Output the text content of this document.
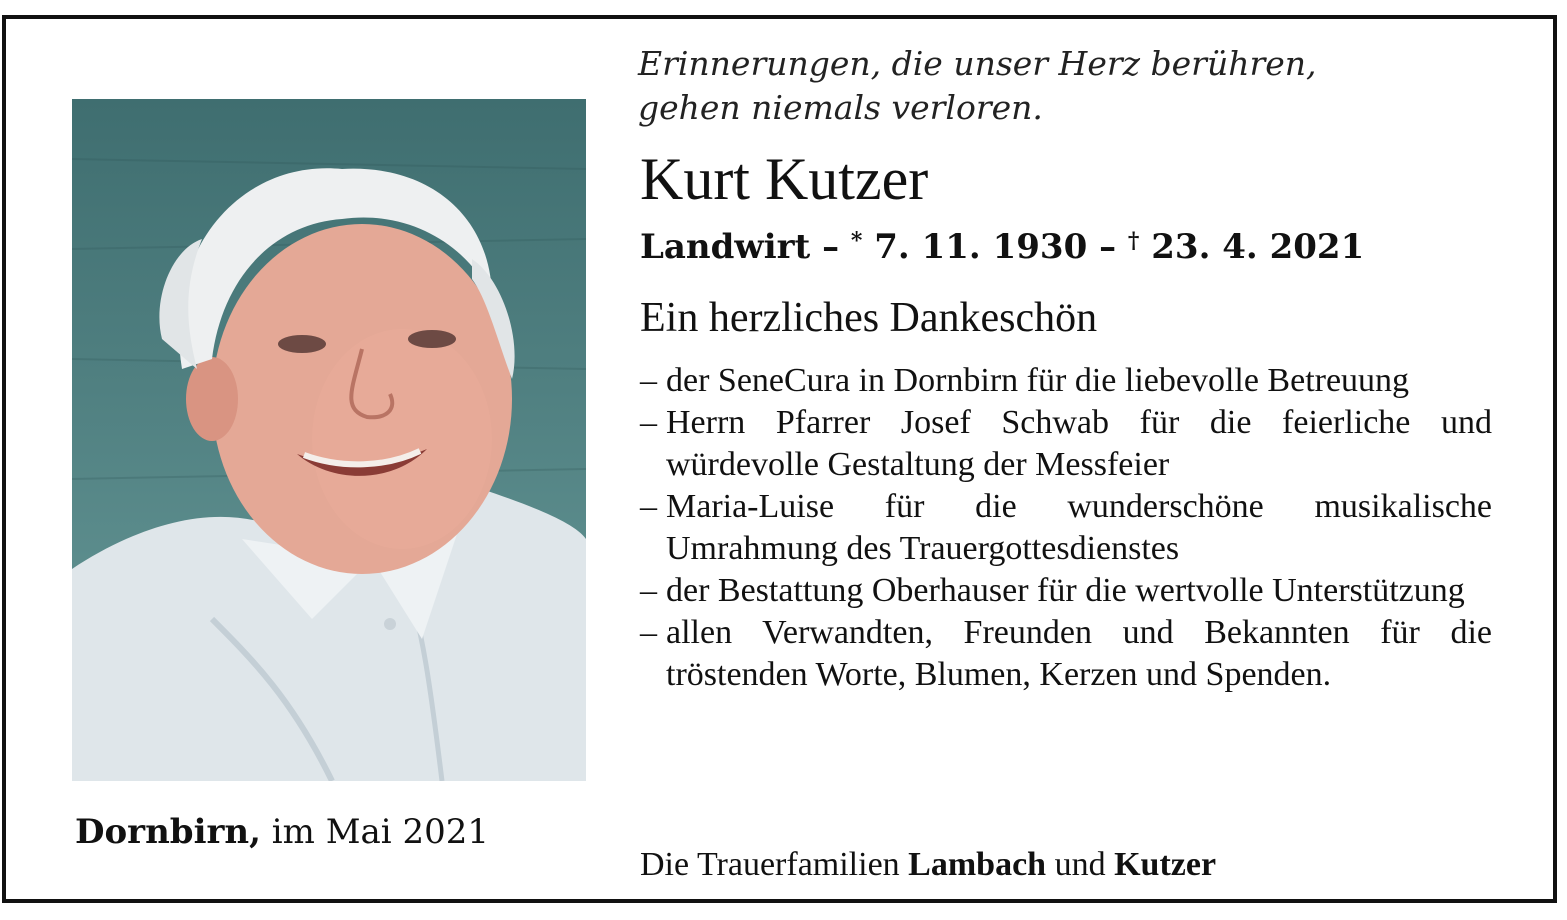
Dornbirn, im Mai 2021
Erinnerungen, die unser Herz berühren,
gehen niemals verloren.
Kurt Kutzer
Landwirt – * 7. 11. 1930 – † 23. 4. 2021
Ein herzliches Dankeschön
– der SeneCura in Dornbirn für die liebevolle Betreuung
– Herrn Pfarrer Josef Schwab für die feierliche und würdevolle Gestaltung der Messfeier
– Maria-Luise für die wunderschöne musikalische Umrahmung des Trauergottesdienstes
– der Bestattung Oberhauser für die wertvolle Unterstützung
– allen Verwandten, Freunden und Bekannten für die tröstenden Worte, Blumen, Kerzen und Spenden.
Die Trauerfamilien Lambach und Kutzer
